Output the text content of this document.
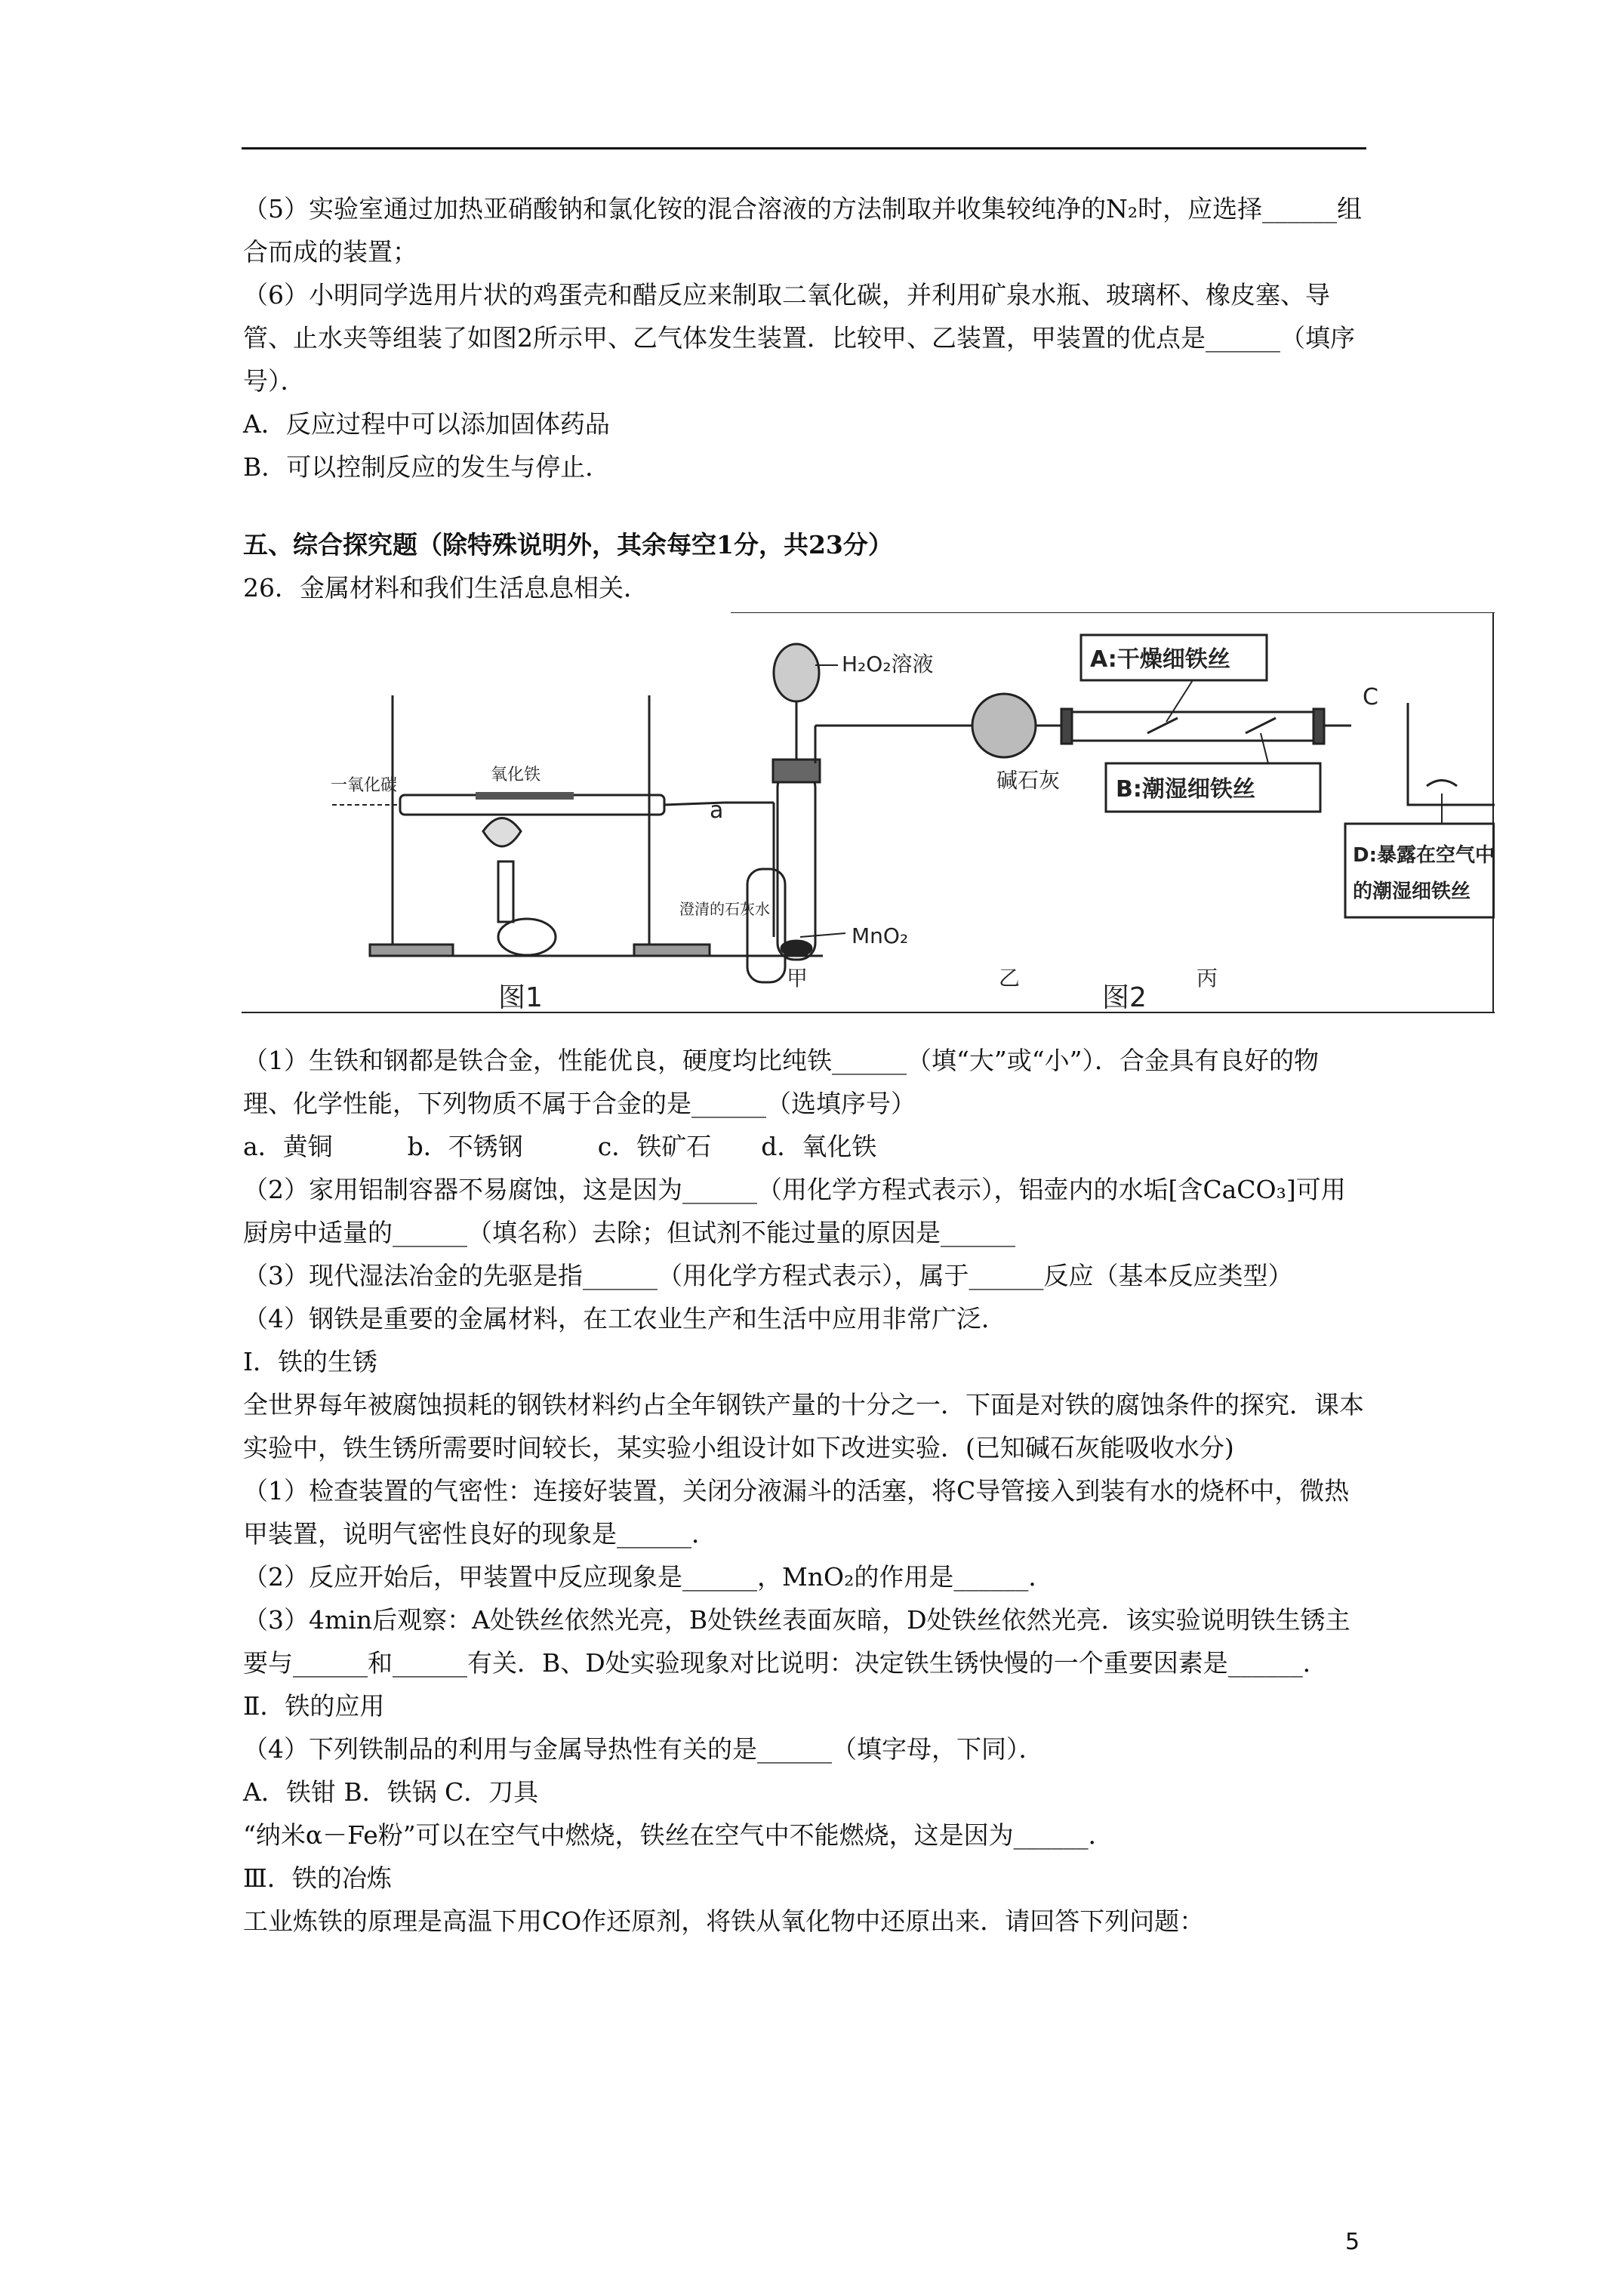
（5）实验室通过加热亚硝酸钠和氯化铵的混合溶液的方法制取并收集较纯净的N₂时，应选择______组合而成的装置；

（6）小明同学选用片状的鸡蛋壳和醋反应来制取二氧化碳，并利用矿泉水瓶、玻璃杯、橡皮塞、导管、止水夹等组装了如图2所示甲、乙气体发生装置．比较甲、乙装置，甲装置的优点是______（填序号）．

A．反应过程中可以添加固体药品

B．可以控制反应的发生与停止．

五、综合探究题（除特殊说明外，其余每空1分，共23分）

26．金属材料和我们生活息息相关．

一氧化碳
氧化铁
a
澄清的石灰水
图1
H₂O₂溶液	A:干燥细铁丝
C
碱石灰 B:潮湿细铁丝
D:暴露在空气中
的潮湿细铁丝
MnO₂
甲	乙	丙
图2

（1）生铁和钢都是铁合金，性能优良，硬度均比纯铁______（填“大”或“小”）．合金具有良好的物理、化学性能，下列物质不属于合金的是______（选填序号）

a．黄铜　　　b．不锈钢　　　c．铁矿石　　d．氧化铁

（2）家用铝制容器不易腐蚀，这是因为______（用化学方程式表示），铝壶内的水垢[含CaCO₃]可用厨房中适量的______（填名称）去除；但试剂不能过量的原因是______

（3）现代湿法冶金的先驱是指______（用化学方程式表示），属于______反应（基本反应类型）

（4）钢铁是重要的金属材料，在工农业生产和生活中应用非常广泛．

I．铁的生锈

全世界每年被腐蚀损耗的钢铁材料约占全年钢铁产量的十分之一．下面是对铁的腐蚀条件的探究．课本实验中，铁生锈所需要时间较长，某实验小组设计如下改进实验．(已知碱石灰能吸收水分)

（1）检查装置的气密性：连接好装置，关闭分液漏斗的活塞，将C导管接入到装有水的烧杯中，微热甲装置，说明气密性良好的现象是______．

（2）反应开始后，甲装置中反应现象是______，MnO₂的作用是______．

（3）4min后观察：A处铁丝依然光亮，B处铁丝表面灰暗，D处铁丝依然光亮．该实验说明铁生锈主要与______和______有关．B、D处实验现象对比说明：决定铁生锈快慢的一个重要因素是______．

Ⅱ．铁的应用

（4）下列铁制品的利用与金属导热性有关的是______（填字母，下同）．

A．铁钳 B．铁锅 C．刀具

“纳米α－Fe粉”可以在空气中燃烧，铁丝在空气中不能燃烧，这是因为______．

Ⅲ．铁的冶炼

工业炼铁的原理是高温下用CO作还原剂，将铁从氧化物中还原出来．请回答下列问题：

5
